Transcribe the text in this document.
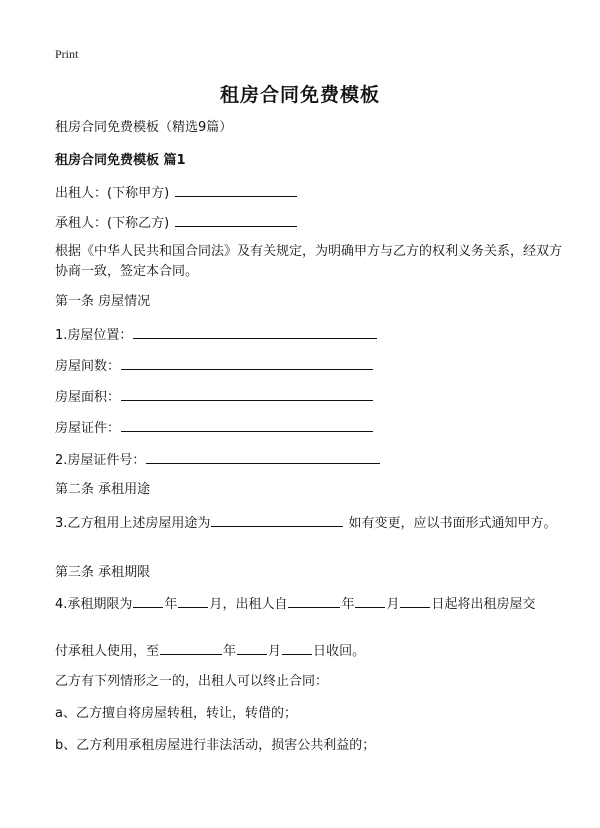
Print
租房合同免费模板
租房合同免费模板（精选9篇）
租房合同免费模板 篇1
出租人：(下称甲方)
承租人：(下称乙方)
根据《中华人民共和国合同法》及有关规定，为明确甲方与乙方的权利义务关系，经双方协商一致，签定本合同。
第一条 房屋情况
1.房屋位置：
房屋间数：
房屋面积：
房屋证件：
2.房屋证件号：
第二条 承租用途
3.乙方租用上述房屋用途为	如有变更，应以书面形式通知甲方。
第三条 承租期限
4.承租期限为 年 月，出租人自	年 月 日起将出租房屋交
付承租人使用，至	年 月 日收回。
乙方有下列情形之一的，出租人可以终止合同：
a、乙方擅自将房屋转租，转让，转借的；
b、乙方利用承租房屋进行非法活动，损害公共利益的；
